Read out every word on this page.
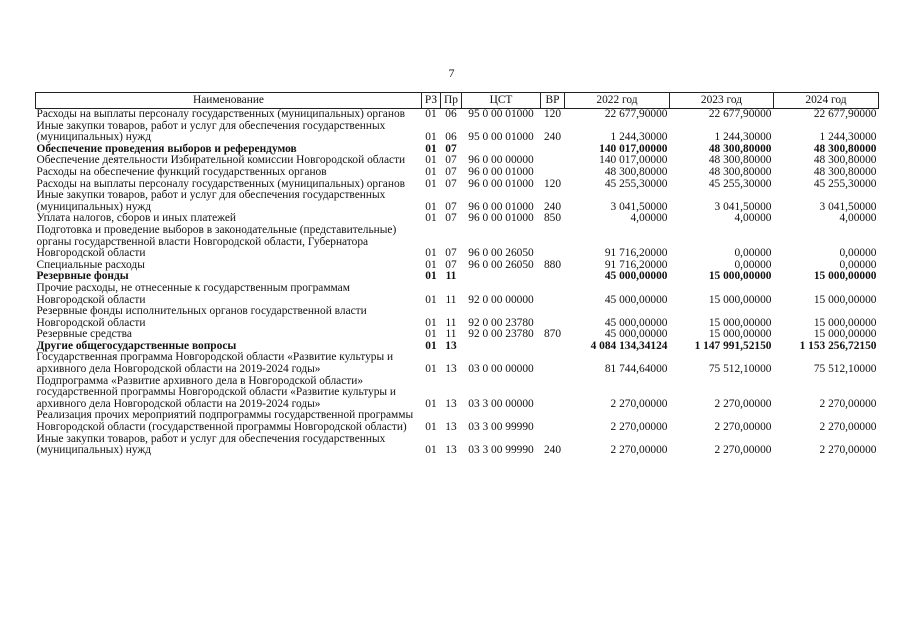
7
Наименование	РЗ	Пр	ЦСТ	ВР	2022 год	2023 год	2024 год
Расходы на выплаты персоналу государственных (муниципальных) органов	01	06	95 0 00 01000	120	22 677,90000	22 677,90000	22 677,90000
Иные закупки товаров, работ и услуг для обеспечения государственных (муниципальных) нужд	01	06	95 0 00 01000	240	1 244,30000	1 244,30000	1 244,30000
Обеспечение проведения выборов и референдумов	01	07			140 017,00000	48 300,80000	48 300,80000
Обеспечение деятельности Избирательной комиссии Новгородской области	01	07	96 0 00 00000		140 017,00000	48 300,80000	48 300,80000
Расходы на обеспечение функций государственных органов	01	07	96 0 00 01000		48 300,80000	48 300,80000	48 300,80000
Расходы на выплаты персоналу государственных (муниципальных) органов	01	07	96 0 00 01000	120	45 255,30000	45 255,30000	45 255,30000
Иные закупки товаров, работ и услуг для обеспечения государственных (муниципальных) нужд	01	07	96 0 00 01000	240	3 041,50000	3 041,50000	3 041,50000
Уплата налогов, сборов и иных платежей	01	07	96 0 00 01000	850	4,00000	4,00000	4,00000
Подготовка и проведение выборов в законодательные (представительные) органы государственной власти Новгородской области, Губернатора Новгородской области	01	07	96 0 00 26050		91 716,20000	0,00000	0,00000
Специальные расходы	01	07	96 0 00 26050	880	91 716,20000	0,00000	0,00000
Резервные фонды	01	11			45 000,00000	15 000,00000	15 000,00000
Прочие расходы, не отнесенные к государственным программам Новгородской области	01	11	92 0 00 00000		45 000,00000	15 000,00000	15 000,00000
Резервные фонды исполнительных органов государственной власти Новгородской области	01	11	92 0 00 23780		45 000,00000	15 000,00000	15 000,00000
Резервные средства	01	11	92 0 00 23780	870	45 000,00000	15 000,00000	15 000,00000
Другие общегосударственные вопросы	01	13			4 084 134,34124	1 147 991,52150	1 153 256,72150
Государственная программа Новгородской области «Развитие культуры и архивного дела Новгородской области на 2019-2024 годы»	01	13	03 0 00 00000		81 744,64000	75 512,10000	75 512,10000
Подпрограмма «Развитие архивного дела в Новгородской области» государственной программы Новгородской области «Развитие культуры и архивного дела Новгородской области на 2019-2024 годы»	01	13	03 3 00 00000		2 270,00000	2 270,00000	2 270,00000
Реализация прочих мероприятий подпрограммы государственной программы Новгородской области (государственной программы Новгородской области)	01	13	03 3 00 99990		2 270,00000	2 270,00000	2 270,00000
Иные закупки товаров, работ и услуг для обеспечения государственных (муниципальных) нужд	01	13	03 3 00 99990	240	2 270,00000	2 270,00000	2 270,00000
